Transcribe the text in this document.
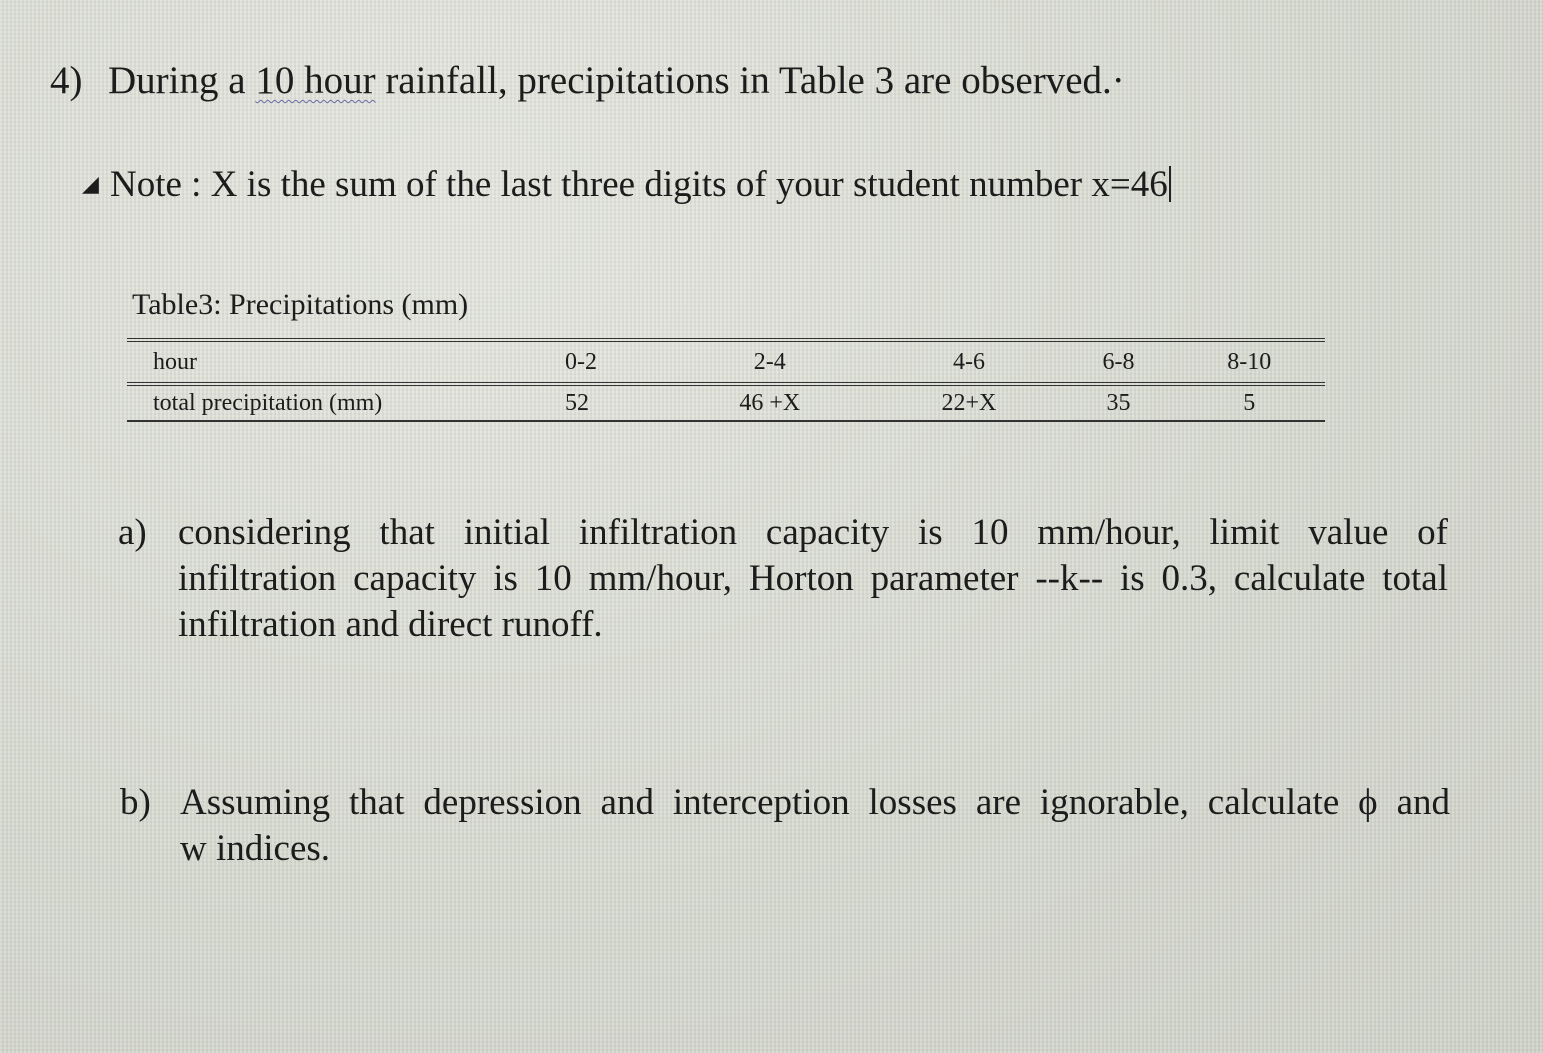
4) During a 10 hour rainfall, precipitations in Table 3 are observed.·
◢ Note : X is the sum of the last three digits of your student number x=46
Table3: Precipitations (mm)
hour	0-2	2-4	4-6	6-8	8-10
total precipitation (mm)	52	46 +X	22+X	35	5
a) considering that initial infiltration capacity is 10 mm/hour, limit value of
infiltration capacity is 10 mm/hour, Horton parameter --k-- is 0.3, calculate total
infiltration and direct runoff.
b) Assuming that depression and interception losses are ignorable, calculate ϕ and
w indices.
